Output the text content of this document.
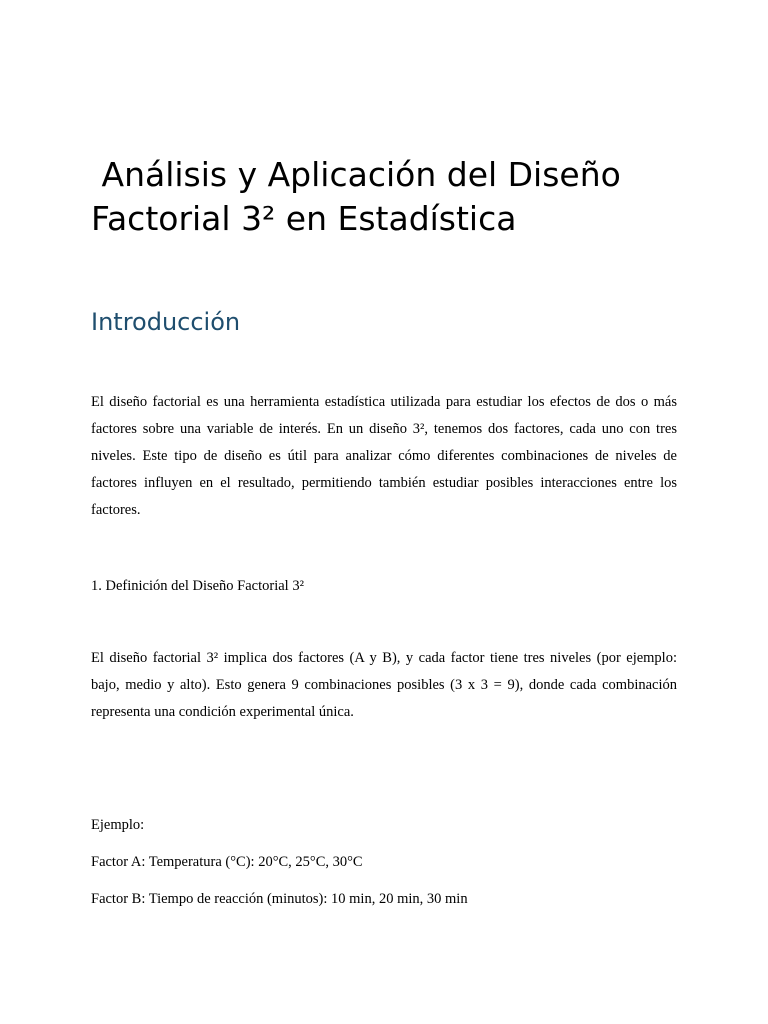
Análisis y Aplicación del Diseño Factorial 3² en Estadística
Introducción

El diseño factorial es una herramienta estadística utilizada para estudiar los efectos de dos o más factores sobre una variable de interés. En un diseño 3², tenemos dos factores, cada uno con tres niveles. Este tipo de diseño es útil para analizar cómo diferentes combinaciones de niveles de factores influyen en el resultado, permitiendo también estudiar posibles interacciones entre los factores.

1. Definición del Diseño Factorial 3²

El diseño factorial 3² implica dos factores (A y B), y cada factor tiene tres niveles (por ejemplo: bajo, medio y alto). Esto genera 9 combinaciones posibles (3 x 3 = 9), donde cada combinación representa una condición experimental única.

Ejemplo:

Factor A: Temperatura (°C): 20°C, 25°C, 30°C

Factor B: Tiempo de reacción (minutos): 10 min, 20 min, 30 min
